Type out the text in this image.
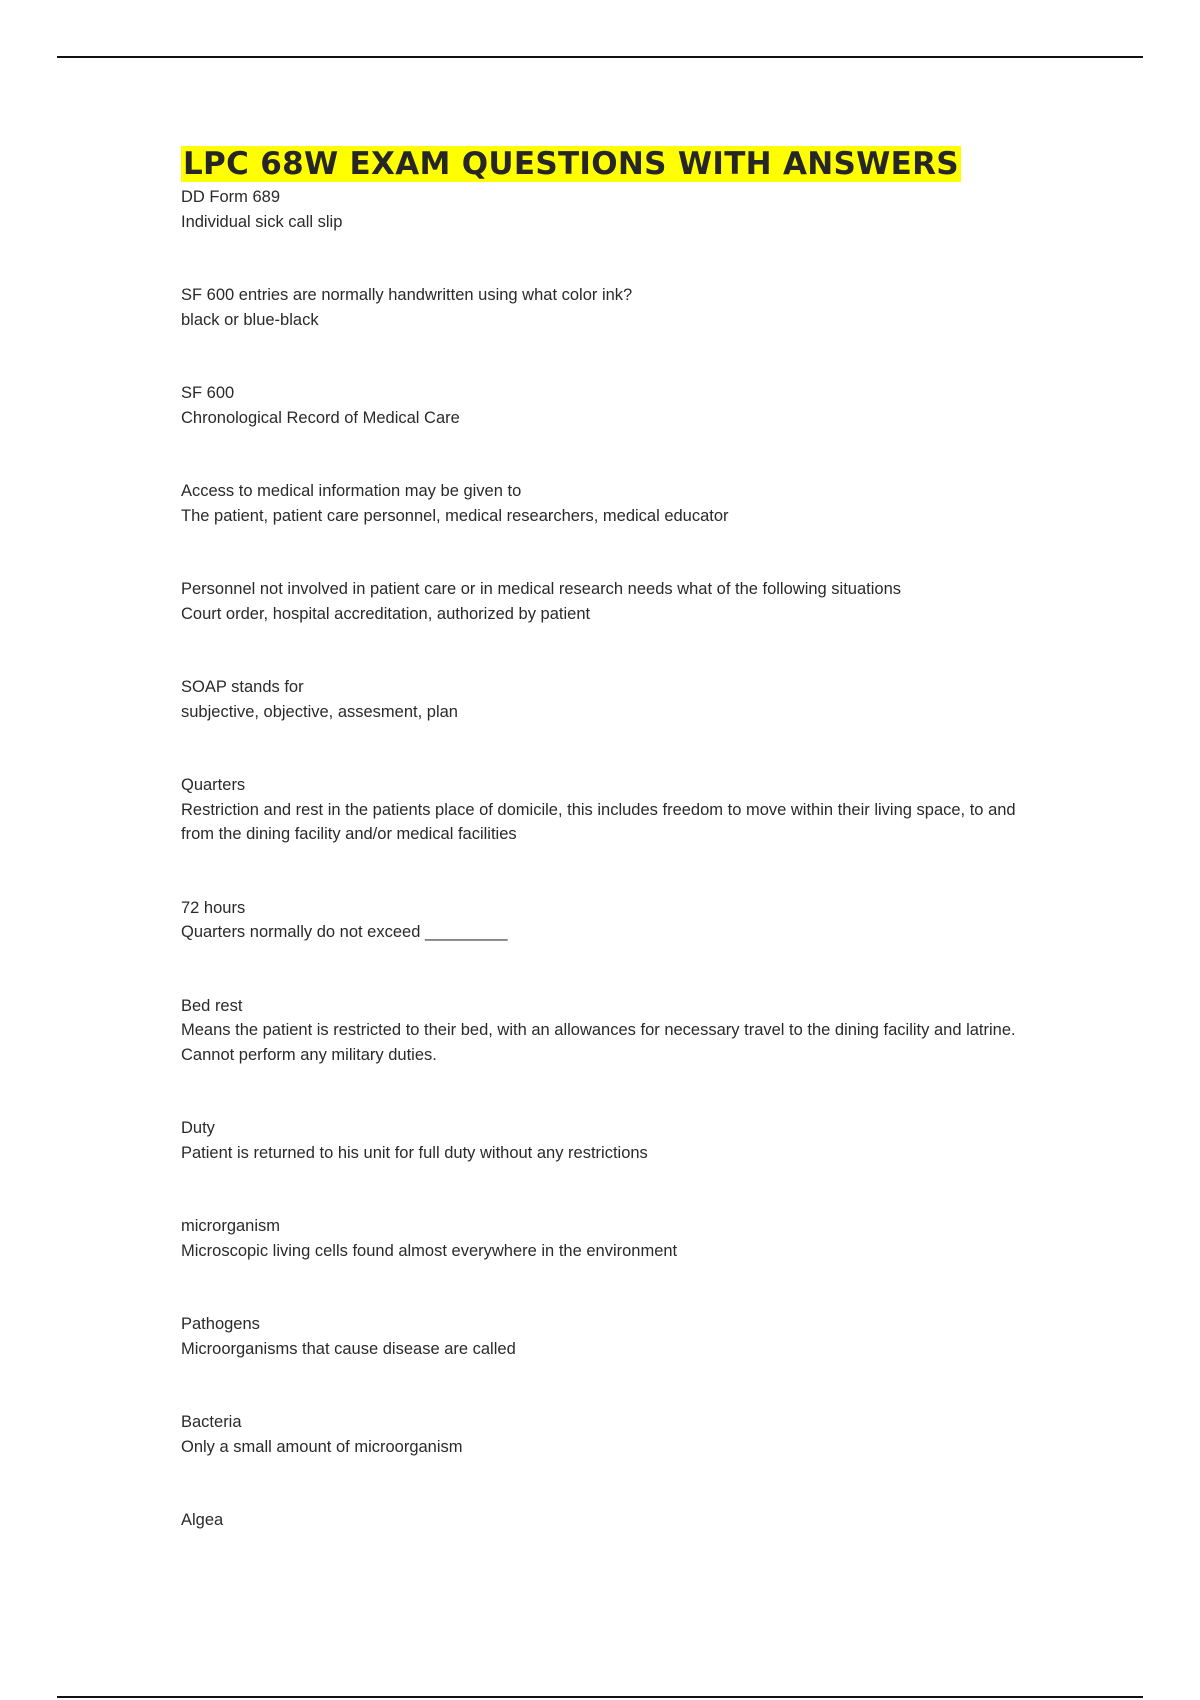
LPC 68W EXAM QUESTIONS WITH ANSWERS
DD Form 689
Individual sick call slip
SF 600 entries are normally handwritten using what color ink?
black or blue-black
SF 600
Chronological Record of Medical Care
Access to medical information may be given to
The patient, patient care personnel, medical researchers, medical educator
Personnel not involved in patient care or in medical research needs what of the following situations
Court order, hospital accreditation, authorized by patient
SOAP stands for
subjective, objective, assesment, plan
Quarters
Restriction and rest in the patients place of domicile, this includes freedom to move within their living space, to and from the dining facility and/or medical facilities
72 hours
Quarters normally do not exceed _________
Bed rest
Means the patient is restricted to their bed, with an allowances for necessary travel to the dining facility and latrine. Cannot perform any military duties.
Duty
Patient is returned to his unit for full duty without any restrictions
microrganism
Microscopic living cells found almost everywhere in the environment
Pathogens
Microorganisms that cause disease are called
Bacteria
Only a small amount of microorganism
Algea
